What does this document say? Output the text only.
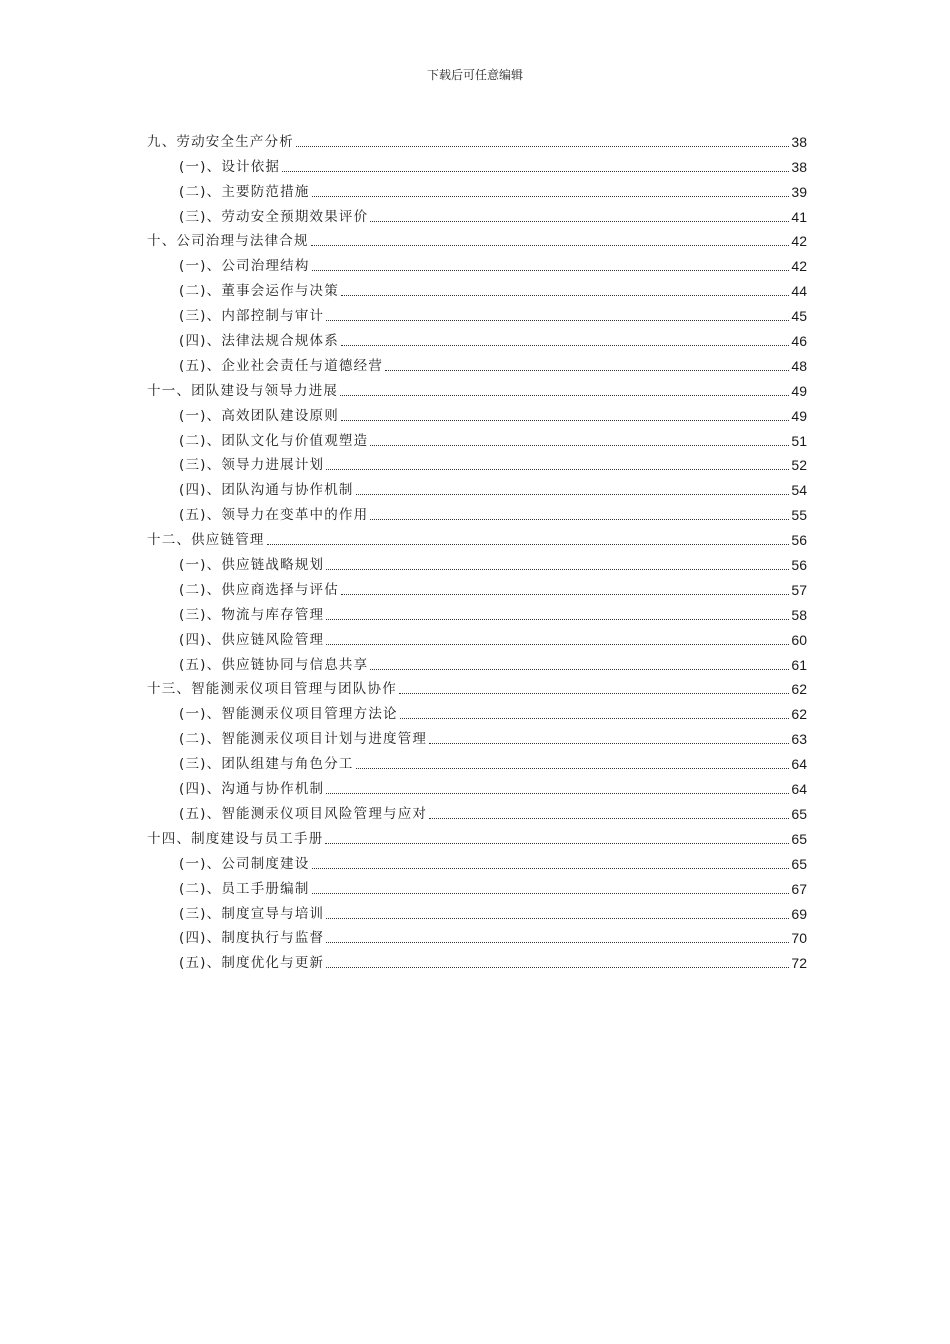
下载后可任意编辑
九、劳动安全生产分析	38
(一)、设计依据	38
(二)、主要防范措施	39
(三)、劳动安全预期效果评价	41
十、公司治理与法律合规	42
(一)、公司治理结构	42
(二)、董事会运作与决策	44
(三)、内部控制与审计	45
(四)、法律法规合规体系	46
(五)、企业社会责任与道德经营	48
十一、团队建设与领导力进展	49
(一)、高效团队建设原则	49
(二)、团队文化与价值观塑造	51
(三)、领导力进展计划	52
(四)、团队沟通与协作机制	54
(五)、领导力在变革中的作用	55
十二、供应链管理	56
(一)、供应链战略规划	56
(二)、供应商选择与评估	57
(三)、物流与库存管理	58
(四)、供应链风险管理	60
(五)、供应链协同与信息共享	61
十三、智能测汞仪项目管理与团队协作	62
(一)、智能测汞仪项目管理方法论	62
(二)、智能测汞仪项目计划与进度管理	63
(三)、团队组建与角色分工	64
(四)、沟通与协作机制	64
(五)、智能测汞仪项目风险管理与应对	65
十四、制度建设与员工手册	65
(一)、公司制度建设	65
(二)、员工手册编制	67
(三)、制度宣导与培训	69
(四)、制度执行与监督	70
(五)、制度优化与更新	72
